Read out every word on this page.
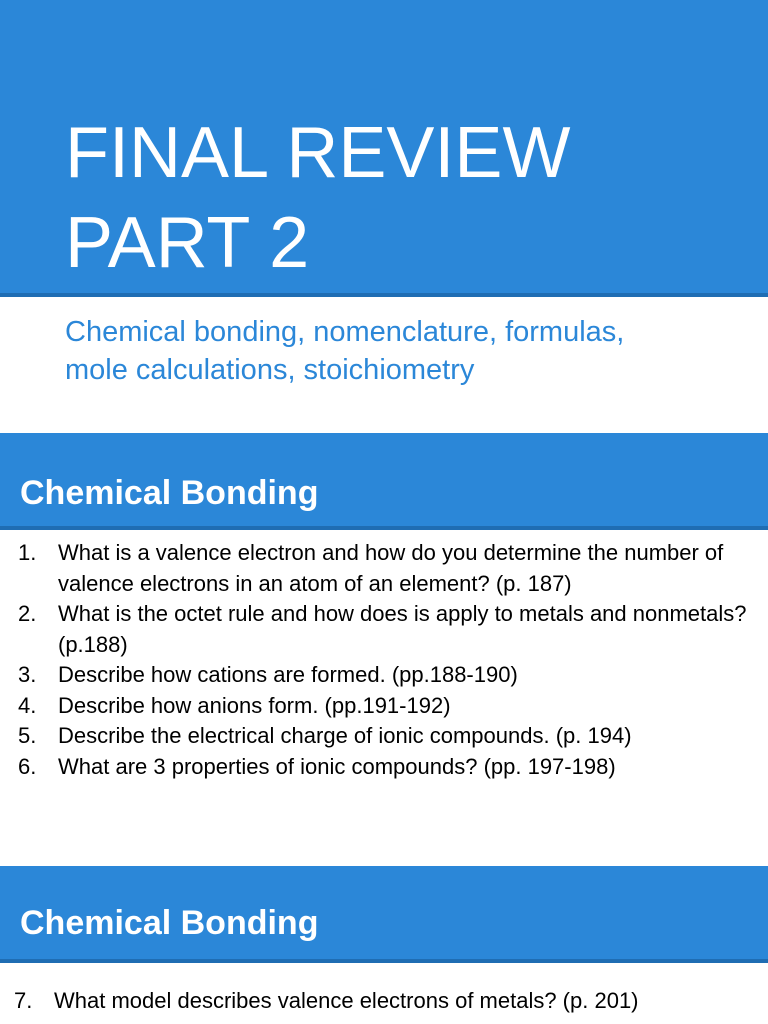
FINAL REVIEW
PART 2

Chemical bonding, nomenclature, formulas,
mole calculations, stoichiometry

Chemical Bonding
1. What is a valence electron and how do you determine the number of valence electrons in an atom of an element? (p. 187)
2. What is the octet rule and how does is apply to metals and nonmetals? (p.188)
3. Describe how cations are formed. (pp.188-190)
4. Describe how anions form. (pp.191-192)
5. Describe the electrical charge of ionic compounds. (p. 194)
6. What are 3 properties of ionic compounds? (pp. 197-198)
Chemical Bonding
7. What model describes valence electrons of metals? (p. 201)
